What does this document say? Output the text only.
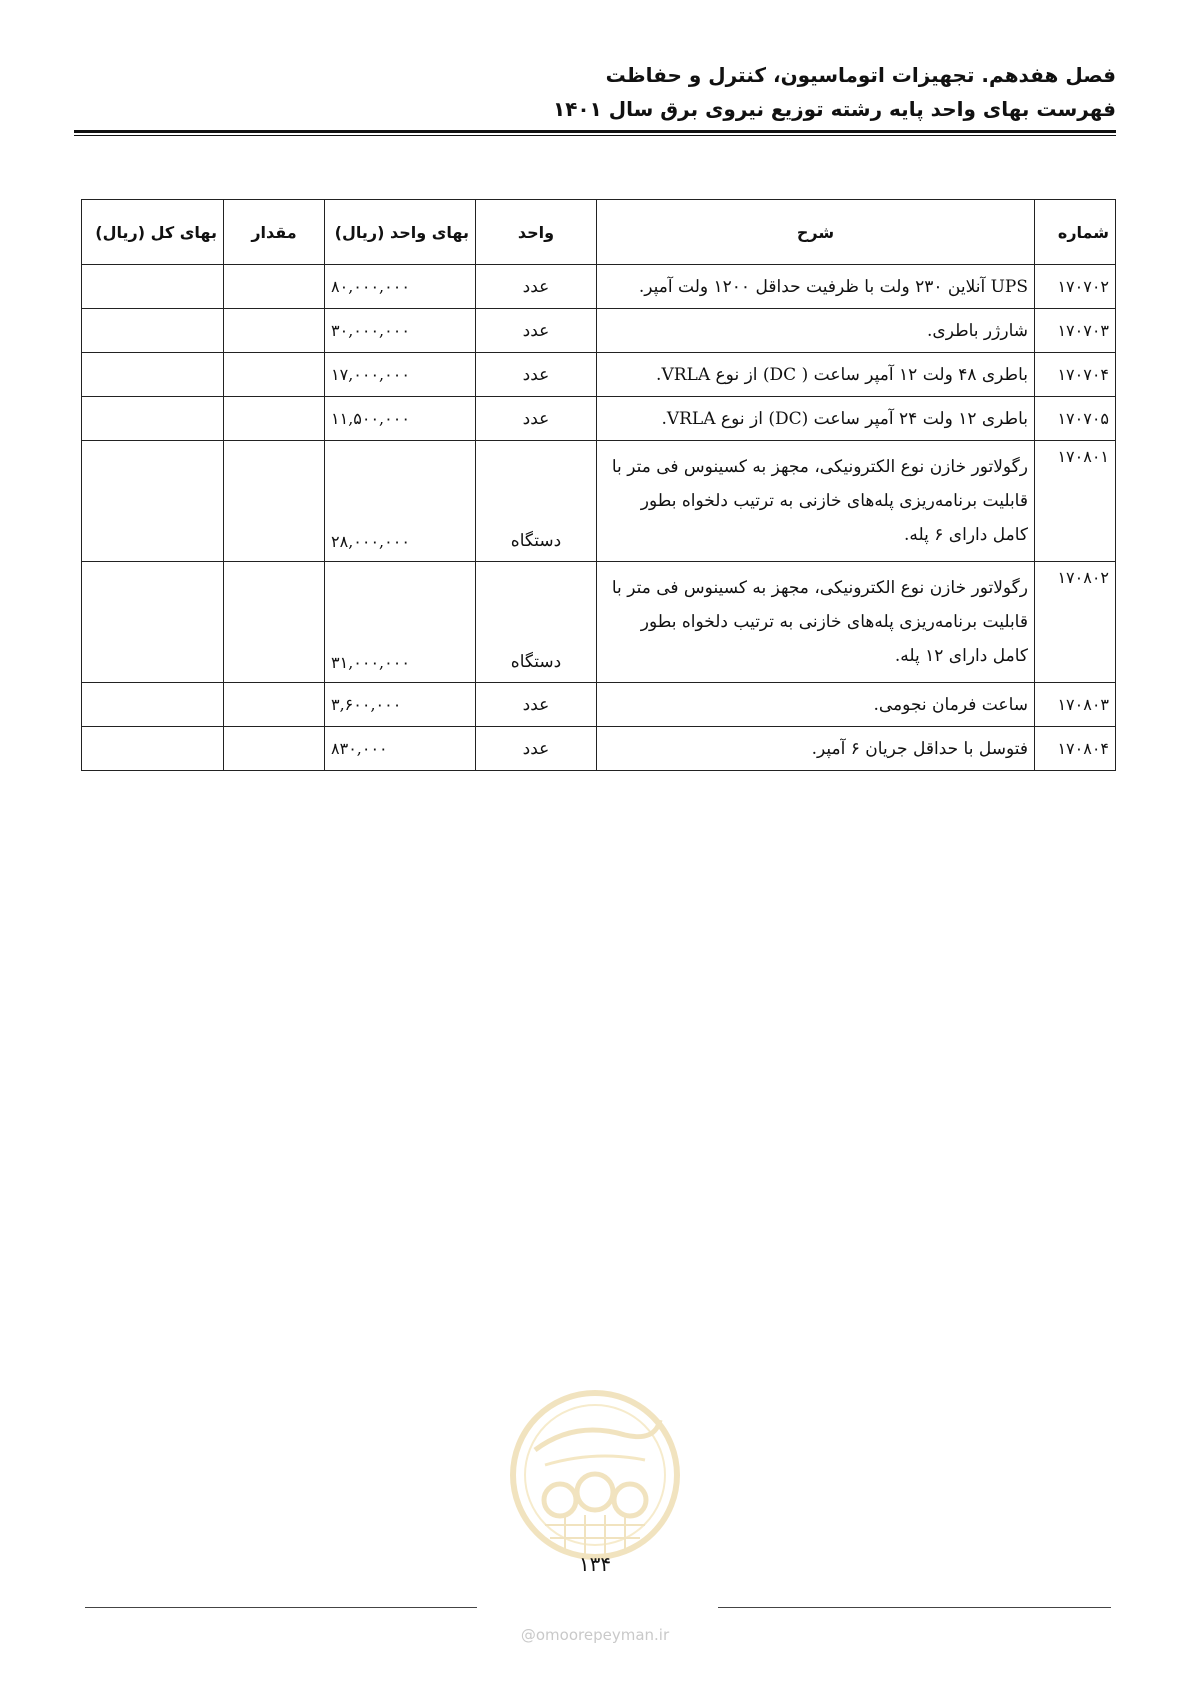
فصل هفدهم. تجهیزات اتوماسیون، کنترل و حفاظت
فهرست بهای واحد پایه رشته توزیع نیروی برق سال ۱۴۰۱
شماره	شرح	واحد	بهای واحد (ریال)	مقدار	بهای کل (ریال)
۱۷۰۷۰۲	UPS آنلاین ۲۳۰ ولت با ظرفیت حداقل ۱۲۰۰ ولت آمپر.	عدد	۸۰,۰۰۰,۰۰۰		
۱۷۰۷۰۳	شارژر باطری.	عدد	۳۰,۰۰۰,۰۰۰		
۱۷۰۷۰۴	باطری ۴۸ ولت ۱۲ آمپر ساعت ( DC) از نوع VRLA.	عدد	۱۷,۰۰۰,۰۰۰		
۱۷۰۷۰۵	باطری ۱۲ ولت ۲۴ آمپر ساعت (DC) از نوع VRLA.	عدد	۱۱,۵۰۰,۰۰۰		
۱۷۰۸۰۱	رگولاتور خازن نوع الکترونیکی، مجهز به کسینوس فی متر با قابلیت برنامه‌ریزی پله‌های خازنی به ترتیب دلخواه بطور کامل دارای ۶ پله.	دستگاه	۲۸,۰۰۰,۰۰۰		
۱۷۰۸۰۲	رگولاتور خازن نوع الکترونیکی، مجهز به کسینوس فی متر با قابلیت برنامه‌ریزی پله‌های خازنی به ترتیب دلخواه بطور کامل دارای ۱۲ پله.	دستگاه	۳۱,۰۰۰,۰۰۰		
۱۷۰۸۰۳	ساعت فرمان نجومی.	عدد	۳,۶۰۰,۰۰۰		
۱۷۰۸۰۴	فتوسل با حداقل جریان ۶ آمپر.	عدد	۸۳۰,۰۰۰		
۱۳۴
@omoorepeyman.ir
